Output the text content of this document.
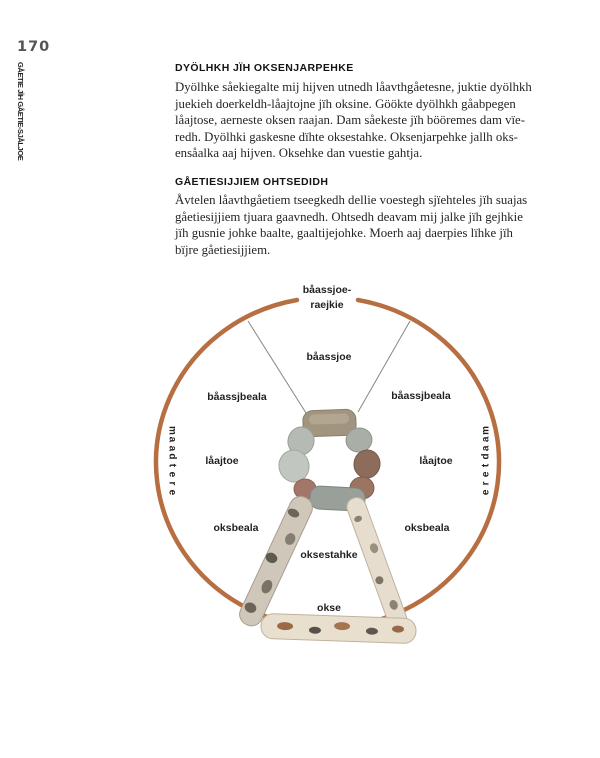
170
GÅETIE JÏH GÅETIE-SJÅLJOE	DYÖLHKH JÏH OKSENJARPEHKE
Dyölhke såekiegalte mij hijven utnedh låavthgåetesne, juktie dyölhkh
juekieh doerkeldh-låajtojne jïh oksine. Göökte dyölhkh gåabpegen
låajtose, aerneste oksen raajan. Dam såekeste jïh bööremes dam vïe-
redh. Dyölhki gaskesne dïhte oksestahke. Oksenjarpehke jallh oks-
ensåalka aaj hijven. Oksehke dan vuestie gahtja.
GÅETIESIJJIEM OHTSEDIDH
Åvtelen låavthgåetiem tseegkedh dellie voestegh sjïehteles jïh suajas
gåetiesijjiem tjuara gaavnedh. Ohtsedh deavam mij jalke jïh gejhkie
jïh gusnie johke baalte, gaaltijejohke. Moerh aaj daerpies lïhke jïh
bïjre gåetiesijjiem.
båassjoe-
raejkie
båassjoe
båassjbeala	båassjbeala
låajtoe	låajtoe
oksbeala	oksbeala
oksestahke
okse
m
a
a
d
t
e
r
e
m
a
a
d
t
e
r
e
